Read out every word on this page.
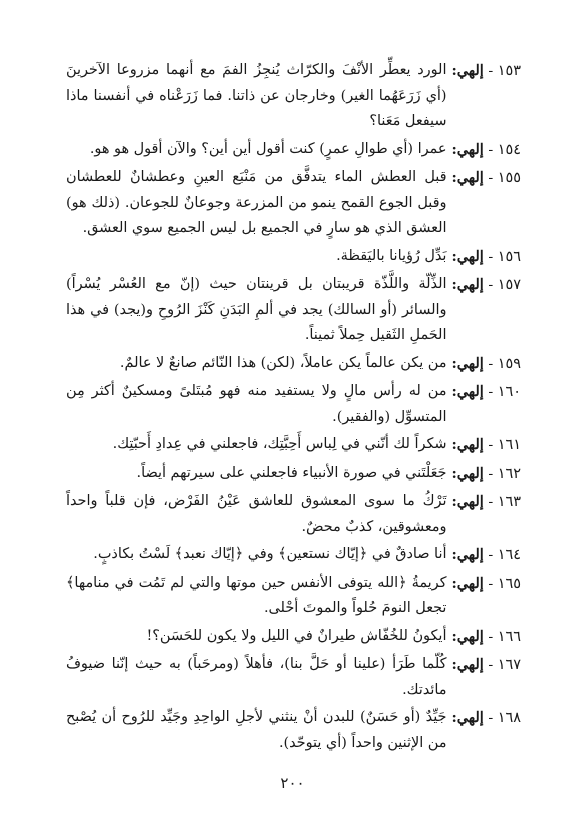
١٥٣ - إلهي:
الورد يعطِّر الأنْفَ والكرّاث يُنجِزُ الفمَ مع أنهما مزروعا الآخرينَ (أي زَرَعَهُما الغير) وخارجان عن ذاتنا. فما زَرَعْناه في أنفسنا ماذا سيفعل مَعَنا؟
١٥٤ - إلهي:
عمرا (أي طوالِ عمرٍ) كنت أقول أين أين؟ والآن أقول هو هو.
١٥٥ - إلهي:
قبل العطش الماء يتدفَّق من مَنْبَع العينِ وعطشانٌ للعطشان وقبل الجوع القمح ينمو من المزرعة وجوعانٌ للجوعان. (ذلك هو) العشق الذي هو سارٍ في الجميع بل ليس الجميع سوي العشق.
١٥٦ - إلهي:
بَدِّل رُؤيانا باليَقظة.
١٥٧ - إلهي:
الذِّلّة واللَّذّة قريبتان بل قرينتان حيث (إنّ مع العُسْر يُسْراً) والسائر (أو السالك) يجد في ألمِ البَدَنِ كَنْزَ الرُوحِ و(يجد) في هذا الحَملِ الثَقيل حِملاً ثميناً.
١٥٩ - إلهي:
من يكن عالماً يكن عاملاً، (لكن) هذا النّائم صانعٌ لا عالمٌ.
١٦٠ - إلهي:
من له رأس مالٍ ولا يستفيد منه فهو مُبتَلىً ومسكينٌ أكثر مِن المتسوِّل (والفقير).
١٦١ - إلهي:
شكراً لك أنّني في لِباس أَحِبَّتِك، فاجعلني في عِدادِ أَحبّتِك.
١٦٢ - إلهي:
جَعَلْتَني في صورة الأنبياء فاجعلني على سيرتهم أيضاً.
١٦٣ - إلهي:
تَرْكُ ما سوى المعشوق للعاشق عَيْنُ الفَرْض، فإن قلباً واحداً ومعشوقين، كذبٌ محضٌ.
١٦٤ - إلهي:
أنا صادقٌ في ﴿إيّاك نستعين﴾ وفي ﴿إيّاك نعبد﴾ لَسْتُ بكاذبٍ.
١٦٥ - إلهي:
كريمةُ ﴿الله يتوفى الأنفس حين موتها والتي لم تَمُت في منامها﴾ تجعل النومَ حُلواً والموتَ أحْلى.
١٦٦ - إلهي:
أيكونُ للخُفّاش طيرانٌ في الليل ولا يكون للحَسَن؟!
١٦٧ - إلهي:
كُلّما طَرَأ (علينا أو حَلَّ بنا)، فأهلاً (ومرحَباً) به حيث إنّنا ضيوفُ مائدتك.
١٦٨ - إلهي:
جَيِّدٌ (أو حَسَنٌ) للبدن أنْ ينثني لأجلِ الواحِدِ وجَيِّد للرُوح أن يُصْبح من الإثنين واحداً (أي يتوحّد).
٢٠٠
